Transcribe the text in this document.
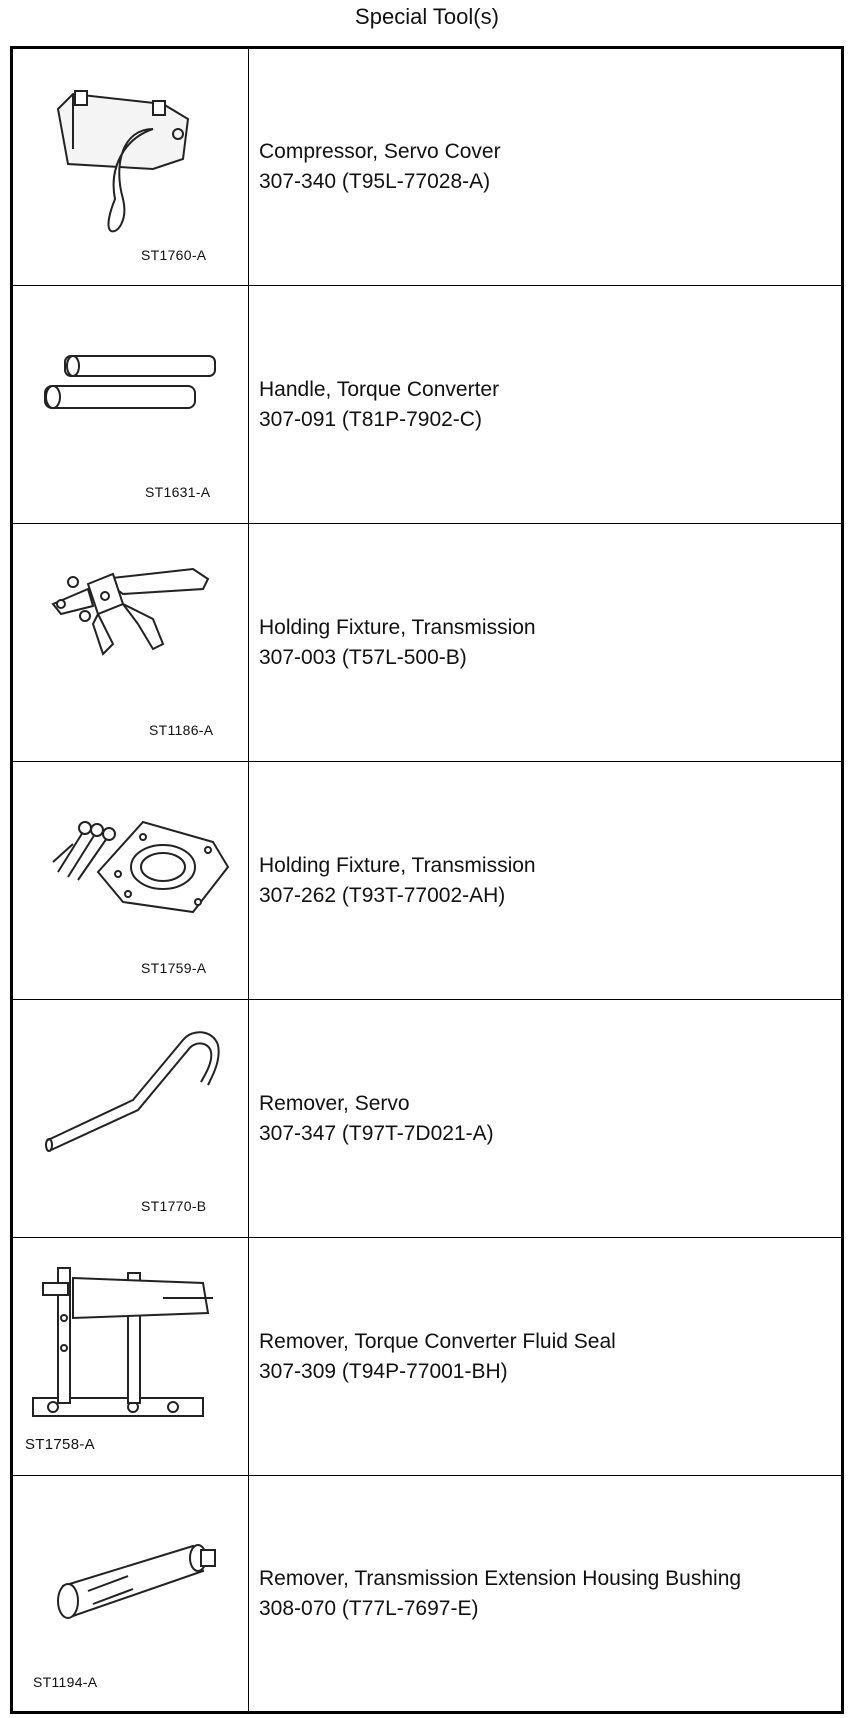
Special Tool(s)
ST1760-A
Compressor, Servo Cover
307-340 (T95L-77028-A)
ST1631-A
Handle, Torque Converter
307-091 (T81P-7902-C)
ST1186-A
Holding Fixture, Transmission
307-003 (T57L-500-B)
ST1759-A
Holding Fixture, Transmission
307-262 (T93T-77002-AH)
ST1770-B
Remover, Servo
307-347 (T97T-7D021-A)
ST1758-A
Remover, Torque Converter Fluid Seal
307-309 (T94P-77001-BH)
ST1194-A
Remover, Transmission Extension Housing Bushing
308-070 (T77L-7697-E)
